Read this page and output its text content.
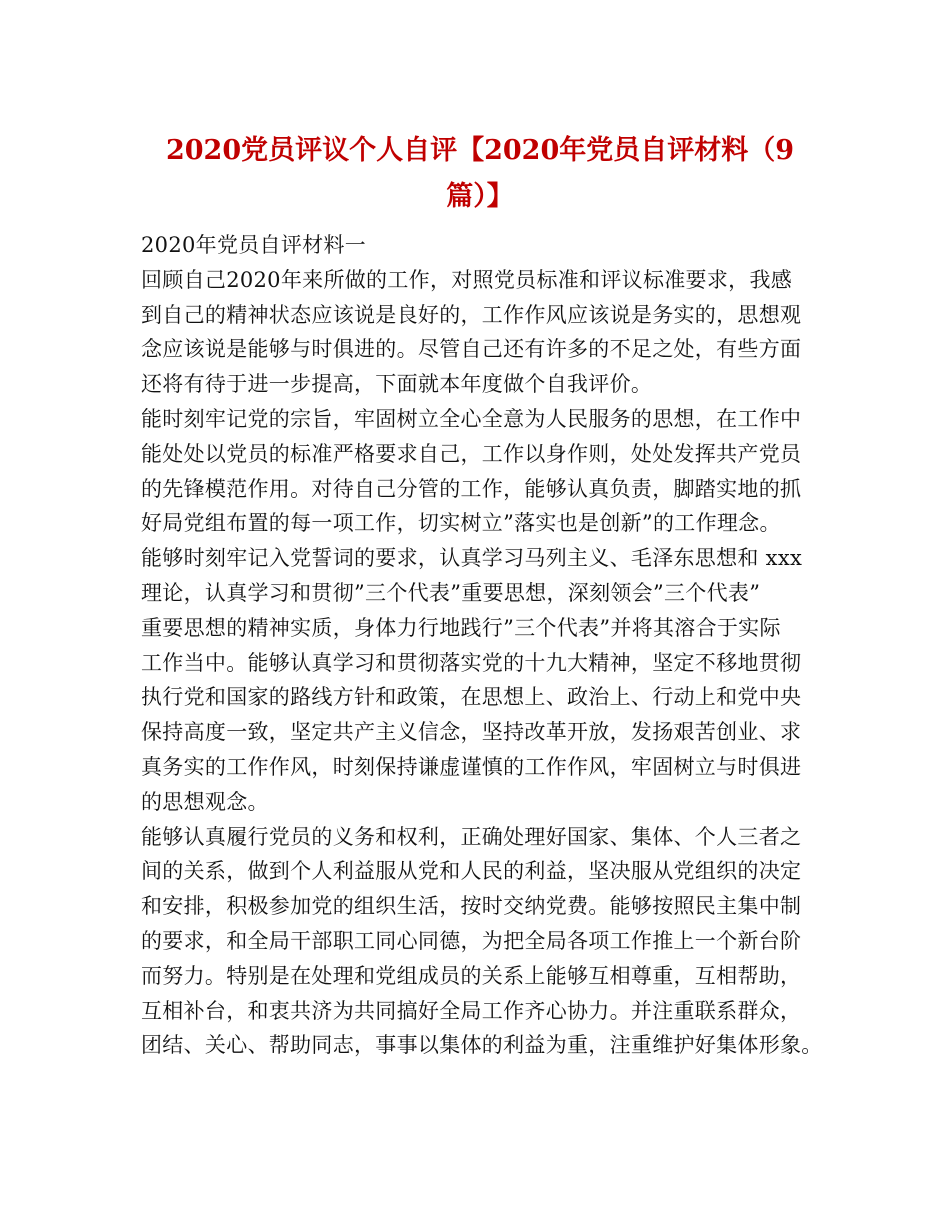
2020党员评议个人自评【2020年党员自评材料（9
篇）】
2020年党员自评材料一
回顾自己2020年来所做的工作，对照党员标准和评议标准要求，我感
到自己的精神状态应该说是良好的，工作作风应该说是务实的，思想观
念应该说是能够与时俱进的。尽管自己还有许多的不足之处，有些方面
还将有待于进一步提高，下面就本年度做个自我评价。
能时刻牢记党的宗旨，牢固树立全心全意为人民服务的思想，在工作中
能处处以党员的标准严格要求自己，工作以身作则，处处发挥共产党员
的先锋模范作用。对待自己分管的工作，能够认真负责，脚踏实地的抓
好局党组布置的每一项工作，切实树立”落实也是创新”的工作理念。
能够时刻牢记入党誓词的要求，认真学习马列主义、毛泽东思想和 xxx
理论，认真学习和贯彻”三个代表”重要思想，深刻领会”三个代表”
重要思想的精神实质，身体力行地践行”三个代表”并将其溶合于实际
工作当中。能够认真学习和贯彻落实党的十九大精神，坚定不移地贯彻
执行党和国家的路线方针和政策，在思想上、政治上、行动上和党中央
保持高度一致，坚定共产主义信念，坚持改革开放，发扬艰苦创业、求
真务实的工作作风，时刻保持谦虚谨慎的工作作风，牢固树立与时俱进
的思想观念。
能够认真履行党员的义务和权利，正确处理好国家、集体、个人三者之
间的关系，做到个人利益服从党和人民的利益，坚决服从党组织的决定
和安排，积极参加党的组织生活，按时交纳党费。能够按照民主集中制
的要求，和全局干部职工同心同德，为把全局各项工作推上一个新台阶
而努力。特别是在处理和党组成员的关系上能够互相尊重，互相帮助，
互相补台，和衷共济为共同搞好全局工作齐心协力。并注重联系群众，
团结、关心、帮助同志，事事以集体的利益为重，注重维护好集体形象。
